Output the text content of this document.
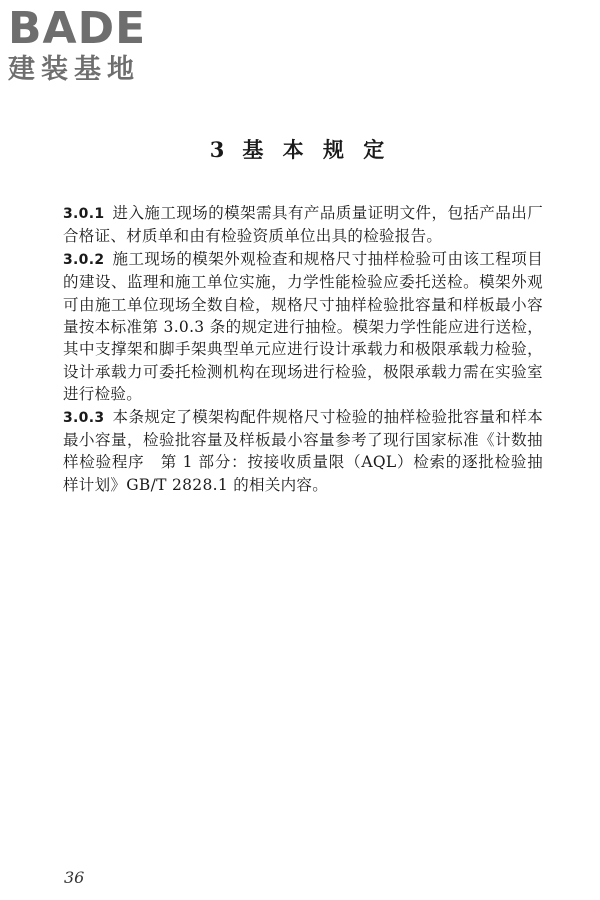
BADE
建装基地
3 基 本 规 定

3.0.1 进入施工现场的模架需具有产品质量证明文件，包括产品出厂合格证、材质单和由有检验资质单位出具的检验报告。

3.0.2 施工现场的模架外观检查和规格尺寸抽样检验可由该工程项目的建设、监理和施工单位实施，力学性能检验应委托送检。模架外观可由施工单位现场全数自检，规格尺寸抽样检验批容量和样板最小容量按本标准第 3.0.3 条的规定进行抽检。模架力学性能应进行送检，其中支撑架和脚手架典型单元应进行设计承载力和极限承载力检验，设计承载力可委托检测机构在现场进行检验，极限承载力需在实验室进行检验。

3.0.3 本条规定了模架构配件规格尺寸检验的抽样检验批容量和样本最小容量，检验批容量及样板最小容量参考了现行国家标准《计数抽样检验程序　第 1 部分：按接收质量限（AQL）检索的逐批检验抽样计划》GB/T 2828.1 的相关内容。

36
